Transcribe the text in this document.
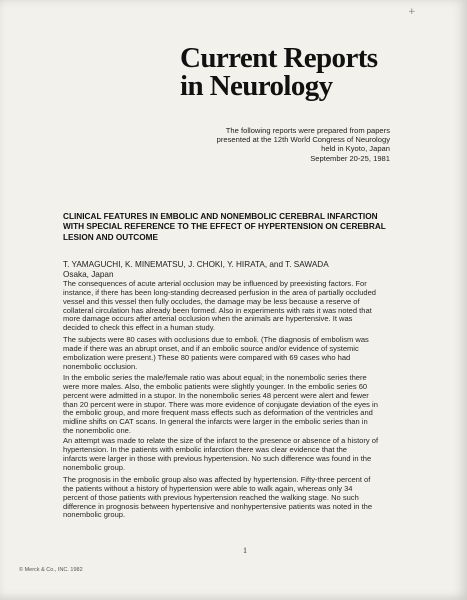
+
Current Reports
in Neurology
The following reports were prepared from papers
presented at the 12th World Congress of Neurology
held in Kyoto, Japan
September 20-25, 1981
CLINICAL FEATURES IN EMBOLIC AND NONEMBOLIC CEREBRAL INFARCTION
WITH SPECIAL REFERENCE TO THE EFFECT OF HYPERTENSION ON CEREBRAL
LESION AND OUTCOME
T. YAMAGUCHI, K. MINEMATSU, J. CHOKI, Y. HIRATA, and T. SAWADA
Osaka, Japan
The consequences of acute arterial occlusion may be influenced by preexisting factors. For
instance, if there has been long-standing decreased perfusion in the area of partially occluded
vessel and this vessel then fully occludes, the damage may be less because a reserve of
collateral circulation has already been formed. Also in experiments with rats it was noted that
more damage occurs after arterial occlusion when the animals are hypertensive. It was
decided to check this effect in a human study.
The subjects were 80 cases with occlusions due to emboli. (The diagnosis of embolism was
made if there was an abrupt onset, and if an embolic source and/or evidence of systemic
embolization were present.) These 80 patients were compared with 69 cases who had
nonembolic occlusion.
In the embolic series the male/female ratio was about equal; in the nonembolic series there
were more males. Also, the embolic patients were slightly younger. In the embolic series 60
percent were admitted in a stupor. In the nonembolic series 48 percent were alert and fewer
than 20 percent were in stupor. There was more evidence of conjugate deviation of the eyes in
the embolic group, and more frequent mass effects such as deformation of the ventricles and
midline shifts on CAT scans. In general the infarcts were larger in the embolic series than in
the nonembolic one.
An attempt was made to relate the size of the infarct to the presence or absence of a history of
hypertension. In the patients with embolic infarction there was clear evidence that the
infarcts were larger in those with previous hypertension. No such difference was found in the
nonembolic group.
The prognosis in the embolic group also was affected by hypertension. Fifty-three percent of
the patients without a history of hypertension were able to walk again, whereas only 34
percent of those patients with previous hypertension reached the walking stage. No such
difference in prognosis between hypertensive and nonhypertensive patients was noted in the
nonembolic group.
1
© Merck & Co., INC. 1982
